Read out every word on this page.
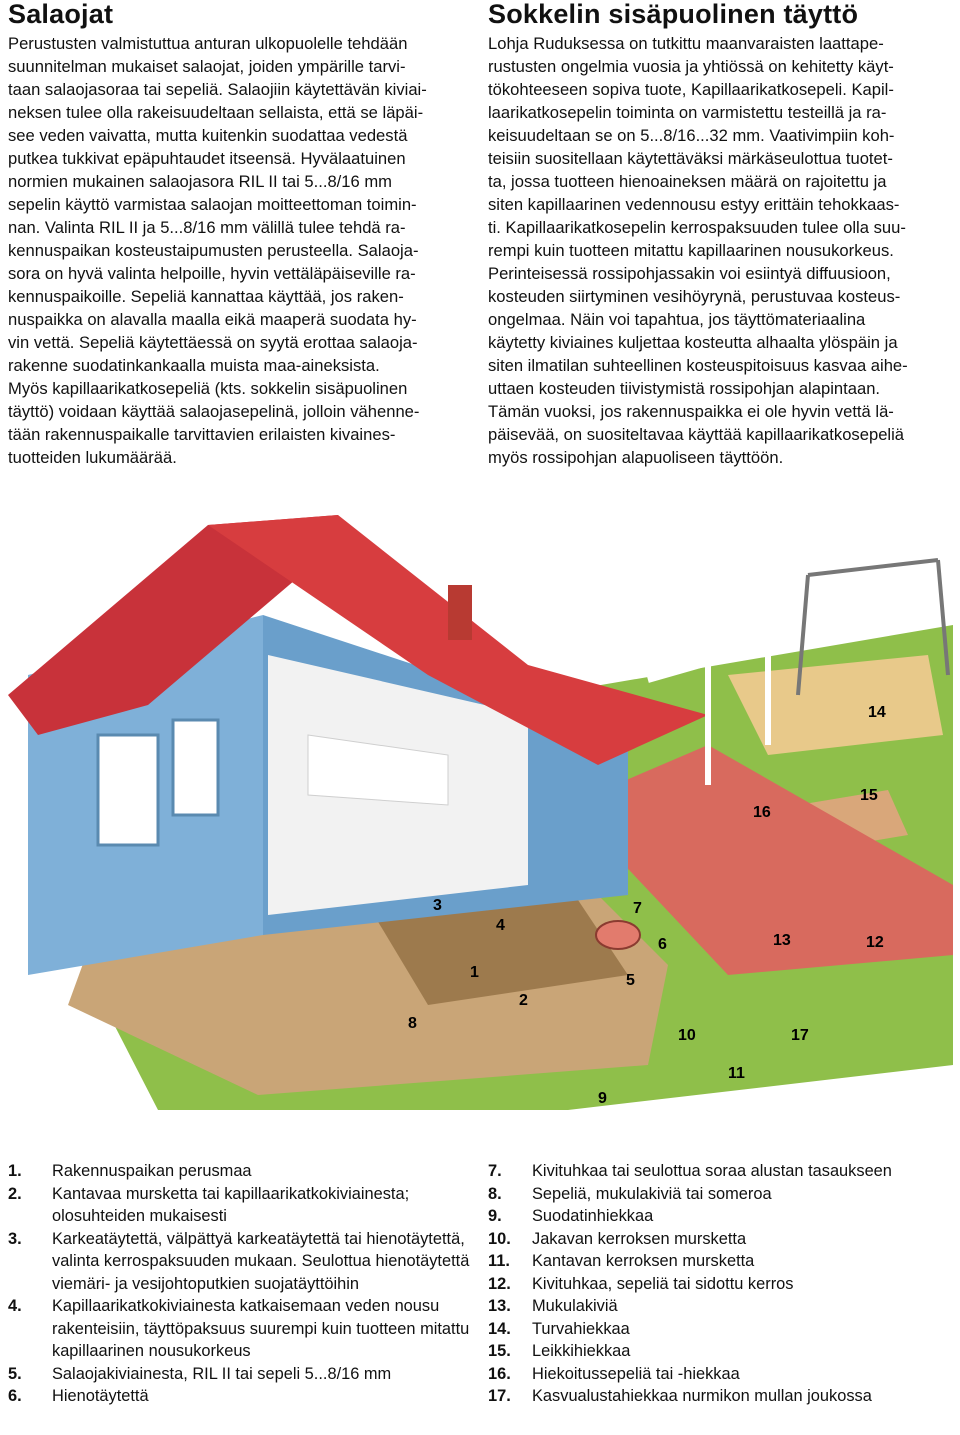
Salaojat

Perustusten valmistuttua anturan ulkopuolelle tehdään
suunnitelman mukaiset salaojat, joiden ympärille tarvi-
taan salaojasoraa tai sepeliä. Salaojiin käytettävän kiviai-
neksen tulee olla rakeisuudeltaan sellaista, että se läpäi-
see veden vaivatta, mutta kuitenkin suodattaa vedestä
putkea tukkivat epäpuhtaudet itseensä. Hyvälaatuinen
normien mukainen salaojasora RIL II tai 5...8/16 mm
sepelin käyttö varmistaa salaojan moitteettoman toimin-
nan. Valinta RIL II ja 5...8/16 mm välillä tulee tehdä ra-
kennuspaikan kosteustaipumusten perusteella. Salaoja-
sora on hyvä valinta helpoille, hyvin vettäläpäiseville ra-
kennuspaikoille. Sepeliä kannattaa käyttää, jos raken-
nuspaikka on alavalla maalla eikä maaperä suodata hy-
vin vettä. Sepeliä käytettäessä on syytä erottaa salaoja-
rakenne suodatinkankaalla muista maa-aineksista.
Myös kapillaarikatkosepeliä (kts. sokkelin sisäpuolinen
täyttö) voidaan käyttää salaojasepelinä, jolloin vähenne-
tään rakennuspaikalle tarvittavien erilaisten kivaines-
tuotteiden lukumäärää.

Sokkelin sisäpuolinen täyttö

Lohja Ruduksessa on tutkittu maanvaraisten laattape-
rustusten ongelmia vuosia ja yhtiössä on kehitetty käyt-
tökohteeseen sopiva tuote, Kapillaarikatkosepeli. Kapil-
laarikatkosepelin toiminta on varmistettu testeillä ja ra-
keisuudeltaan se on 5...8/16...32 mm. Vaativimpiin koh-
teisiin suositellaan käytettäväksi märkäseulottua tuotet-
ta, jossa tuotteen hienoaineksen määrä on rajoitettu ja
siten kapillaarinen vedennousu estyy erittäin tehokkaas-
ti. Kapillaarikatkosepelin kerrospaksuuden tulee olla suu-
rempi kuin tuotteen mitattu kapillaarinen nousukorkeus.
Perinteisessä rossipohjassakin voi esiintyä diffuusioon,
kosteuden siirtyminen vesihöyrynä, perustuvaa kosteus-
ongelmaa. Näin voi tapahtua, jos täyttömateriaalina
käytetty kiviaines kuljettaa kosteutta alhaalta ylöspäin ja
siten ilmatilan suhteellinen kosteuspitoisuus kasvaa aihe-
uttaen kosteuden tiivistymistä rossipohjan alapintaan.
Tämän vuoksi, jos rakennuspaikka ei ole hyvin vettä lä-
päisevää, on suositeltavaa käyttää kapillaarikatkosepeliä
myös rossipohjan alapuoliseen täyttöön.

14
15
16
3
4
7
6	13	12
1	5
2
8
10	17
11
9
1.	Rakennuspaikan perusmaa
2.	Kantavaa mursketta tai kapillaarikatkokiviainesta; olosuhteiden mukaisesti
3.	Karkeatäytettä, välpättyä karkeatäytettä tai hienotäytettä, valinta kerrospaksuuden mukaan. Seulottua hienotäytettä viemäri- ja vesijohtoputkien suojatäyttöihin
4.	Kapillaarikatkokiviainesta katkaisemaan veden nousu rakenteisiin, täyttöpaksuus suurempi kuin tuotteen mitattu kapillaarinen nousukorkeus
5.	Salaojakiviainesta, RIL II tai sepeli 5...8/16 mm
6.	Hienotäytettä
7.	Kivituhkaa tai seulottua soraa alustan tasaukseen
8.	Sepeliä, mukulakiviä tai someroa
9.	Suodatinhiekkaa
10.	Jakavan kerroksen mursketta
11.	Kantavan kerroksen mursketta
12.	Kivituhkaa, sepeliä tai sidottu kerros
13.	Mukulakiviä
14.	Turvahiekkaa
15.	Leikkihiekkaa
16.	Hiekoitussepeliä tai -hiekkaa
17.	Kasvualustahiekkaa nurmikon mullan joukossa
